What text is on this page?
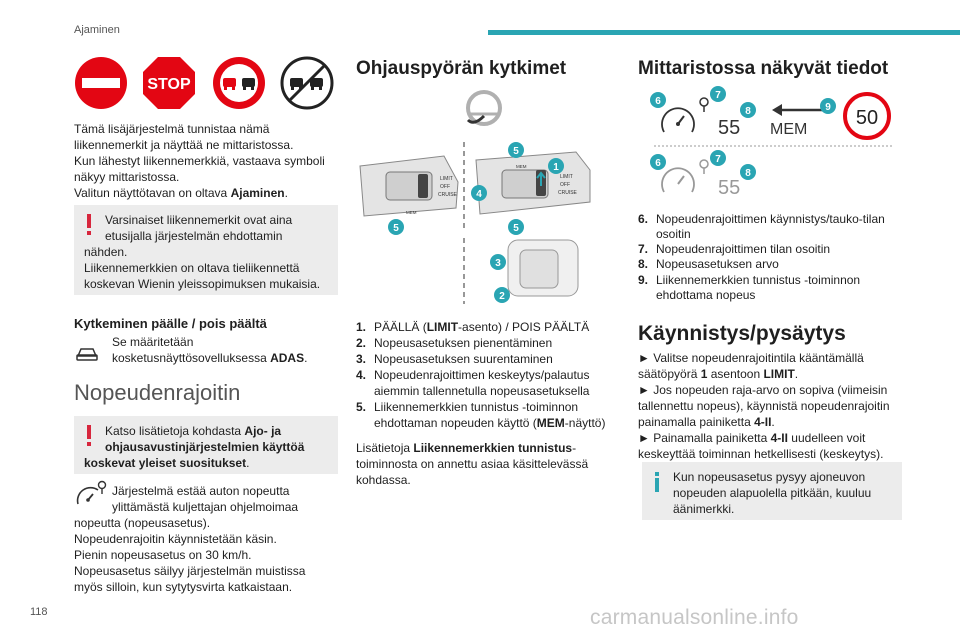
Ajaminen
STOP
Tämä lisäjärjestelmä tunnistaa nämä
liikennemerkit ja näyttää ne mittaristossa.
Kun lähestyt liikennemerkkiä, vastaava symboli
näkyy mittaristossa.
Valitun näyttötavan on oltava Ajaminen.
Varsinaiset liikennemerkit ovat aina
etusijalla järjestelmän ehdottamin
nähden.
Liikennemerkkien on oltava tieliikennettä
koskevan Wienin yleissopimuksen mukaisia.
Kytkeminen päälle / pois päältä
Se määritetään
kosketusnäyttösovelluksessa ADAS.
Nopeudenrajoitin
Katso lisätietoja kohdasta Ajo- ja
ohjausavustinjärjestelmien käyttöä
koskevat yleiset suositukset.
Järjestelmä estää auton nopeutta
ylittämästä kuljettajan ohjelmoimaa
nopeutta (nopeusasetus).
Nopeudenrajoitin käynnistetään käsin.
Pienin nopeusasetus on 30 km/h.
Nopeusasetus säilyy järjestelmän muistissa
myös silloin, kun sytytysvirta katkaistaan.
Ohjauspyörän kytkimet
LIMIT
OFF
CRUISE
MEM
LIMIT
OFF
CRUISE
MEM	1
2
3
4
5
5	5
1. PÄÄLLÄ (LIMIT-asento) / POIS PÄÄLTÄ
2. Nopeusasetuksen pienentäminen
3. Nopeusasetuksen suurentaminen
4. Nopeudenrajoittimen keskeytys/palautus
aiemmin tallennetulla nopeusasetuksella
5. Liikennemerkkien tunnistus -toiminnon
ehdottaman nopeuden käyttö (MEM-näyttö)
Lisätietoja Liikennemerkkien tunnistus-
toiminnosta on annettu asiaa käsittelevässä
kohdassa.
Mittaristossa näkyvät tiedot
55 MEM
50
55
6
7
8	9
6	7
8
6. Nopeudenrajoittimen käynnistys/tauko-tilan
osoitin
7. Nopeudenrajoittimen tilan osoitin
8. Nopeusasetuksen arvo
9. Liikennemerkkien tunnistus -toiminnon
ehdottama nopeus
Käynnistys/pysäytys
► Valitse nopeudenrajoitintila kääntämällä
säätöpyörä 1 asentoon LIMIT.
► Jos nopeuden raja-arvo on sopiva (viimeisin
tallennettu nopeus), käynnistä nopeudenrajoitin
painamalla painiketta 4-II.
► Painamalla painiketta 4-II uudelleen voit
keskeyttää toiminnan hetkellisesti (keskeytys).
Kun nopeusasetus pysyy ajoneuvon
nopeuden alapuolella pitkään, kuuluu
äänimerkki.
118	carmanualsonline.info
